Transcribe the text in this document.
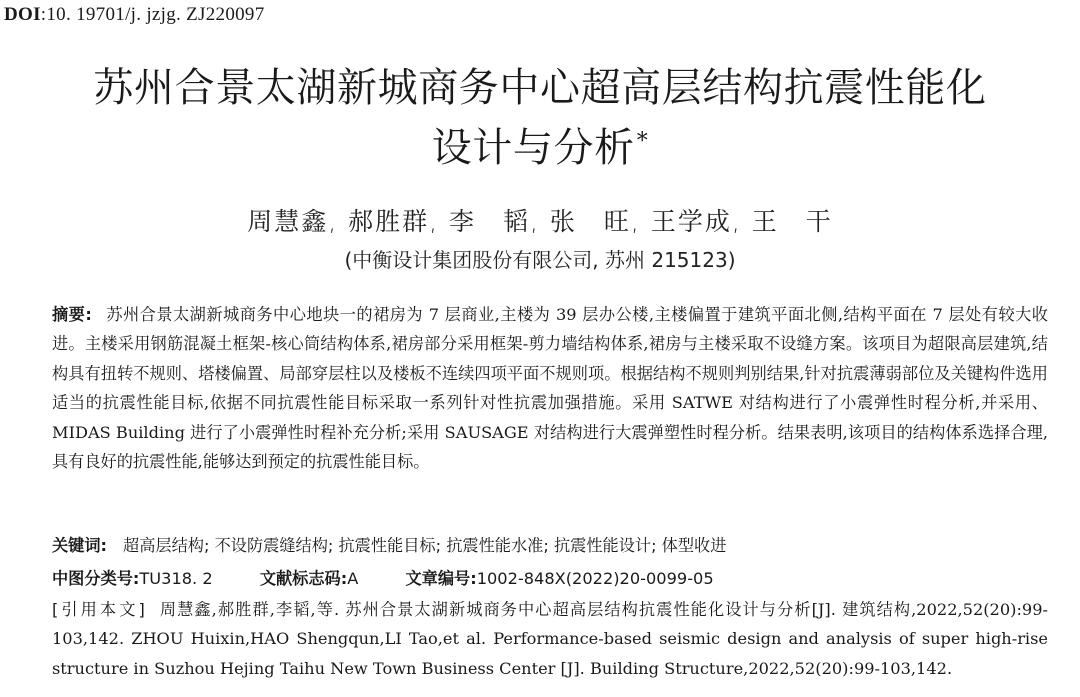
DOI:10. 19701/j. jzjg. ZJ220097
苏州合景太湖新城商务中心超高层结构抗震性能化
设计与分析*
周慧鑫, 郝胜群, 李　韬, 张　旺, 王学成, 王　干
(中衡设计集团股份有限公司, 苏州 215123)
摘要: 苏州合景太湖新城商务中心地块一的裙房为 7 层商业,主楼为 39 层办公楼,主楼偏置于建筑平面北侧,结构平面在 7 层处有较大收进。主楼采用钢筋混凝土框架-核心筒结构体系,裙房部分采用框架-剪力墙结构体系,裙房与主楼采取不设缝方案。该项目为超限高层建筑,结构具有扭转不规则、塔楼偏置、局部穿层柱以及楼板不连续四项平面不规则项。根据结构不规则判别结果,针对抗震薄弱部位及关键构件选用适当的抗震性能目标,依据不同抗震性能目标采取一系列针对性抗震加强措施。采用 SATWE 对结构进行了小震弹性时程分析,并采用、MIDAS Building 进行了小震弹性时程补充分析;采用 SAUSAGE 对结构进行大震弹塑性时程分析。结果表明,该项目的结构体系选择合理,具有良好的抗震性能,能够达到预定的抗震性能目标。
关键词: 超高层结构; 不设防震缝结构; 抗震性能目标; 抗震性能水准; 抗震性能设计; 体型收进
中图分类号:TU318. 2	文献标志码:A	文章编号:1002-848X(2022)20-0099-05
[引用本文] 周慧鑫,郝胜群,李韬,等. 苏州合景太湖新城商务中心超高层结构抗震性能化设计与分析[J]. 建筑结构,2022,52(20):99-103,142. ZHOU Huixin,HAO Shengqun,LI Tao,et al. Performance-based seismic design and analysis of super high-rise structure in Suzhou Hejing Taihu New Town Business Center [J]. Building Structure,2022,52(20):99-103,142.
